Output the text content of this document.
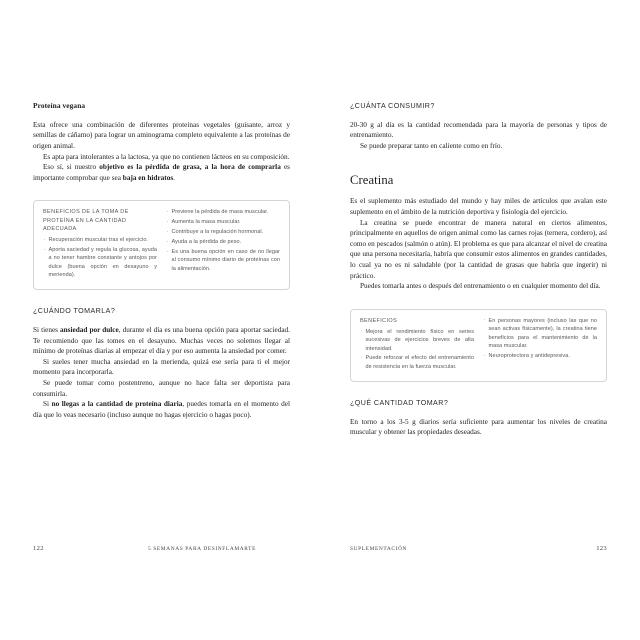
Proteína vegana

Esta ofrece una combinación de diferentes proteínas vegetales (guisante, arroz y semillas de cáñamo) para lograr un aminograma completo equivalente a las proteínas de origen animal.

Es apta para intolerantes a la lactosa, ya que no contienen lácteos en su composición.

Eso sí, si nuestro objetivo es la pérdida de grasa, a la hora de comprarla es importante comprobar que sea baja en hidratos.

BENEFICIOS DE LA TOMA DE PROTEÍNA EN LA CANTIDAD ADECUADA
· Recuperación muscular tras el ejercicio.
· Aporta saciedad y regula la glucosa, ayuda a no tener hambre constante y antojos por dulce (buena opción en desayuno y merienda).
· Previene la pérdida de masa muscular.
· Aumenta la masa muscular.
· Contribuye a la regulación hormonal.
· Ayuda a la pérdida de peso.
· Es una buena opción en caso de no llegar al consumo mínimo diario de proteínas con la alimentación.
¿CUÁNDO TOMARLA?

Si tienes ansiedad por dulce, durante el día es una buena opción para aportar saciedad. Te recomiendo que las tomes en el desayuno. Muchas veces no solemos llegar al mínimo de proteínas diarias al empezar el día y por eso aumenta la ansiedad por comer.

Si sueles tener mucha ansiedad en la merienda, quizá ese sería para ti el mejor momento para incorporarla.

Se puede tomar como postentreno, aunque no hace falta ser deportista para consumirla.

Si no llegas a la cantidad de proteína diaria, puedes tomarla en el momento del día que lo veas necesario (incluso aunque no hagas ejercicio o hagas poco).

122	5 SEMANAS PARA DESINFLAMARTE
¿CUÁNTA CONSUMIR?

20-30 g al día es la cantidad recomendada para la mayoría de personas y tipos de entrenamiento.

Se puede preparar tanto en caliente como en frío.

Creatina

Es el suplemento más estudiado del mundo y hay miles de artículos que avalan este suplemento en el ámbito de la nutrición deportiva y fisiología del ejercicio.

La creatina se puede encontrar de manera natural en ciertos alimentos, principalmente en aquellos de origen animal como las carnes rojas (ternera, cordero), así como en pescados (salmón o atún). El problema es que para alcanzar el nivel de creatina que una persona necesitaría, habría que consumir estos alimentos en grandes cantidades, lo cual ya no es ni saludable (por la cantidad de grasas que habría que ingerir) ni práctico.

Puedes tomarla antes o después del entrenamiento o en cualquier momento del día.

BENEFICIOS
· Mejora el rendimiento físico en series sucesivas de ejercicios breves de alta intensidad.
· Puede reforzar el efecto del entrenamiento de resistencia en la fuerza muscular.
· En personas mayores (incluso las que no sean activas físicamente), la creatina tiene beneficios para el mantenimiento de la masa muscular.
· Neuroprotectora y antidepresiva.
¿QUÉ CANTIDAD TOMAR?

En torno a los 3-5 g diarios sería suficiente para aumentar los niveles de creatina muscular y obtener las propiedades deseadas.

SUPLEMENTACIÓN	123
